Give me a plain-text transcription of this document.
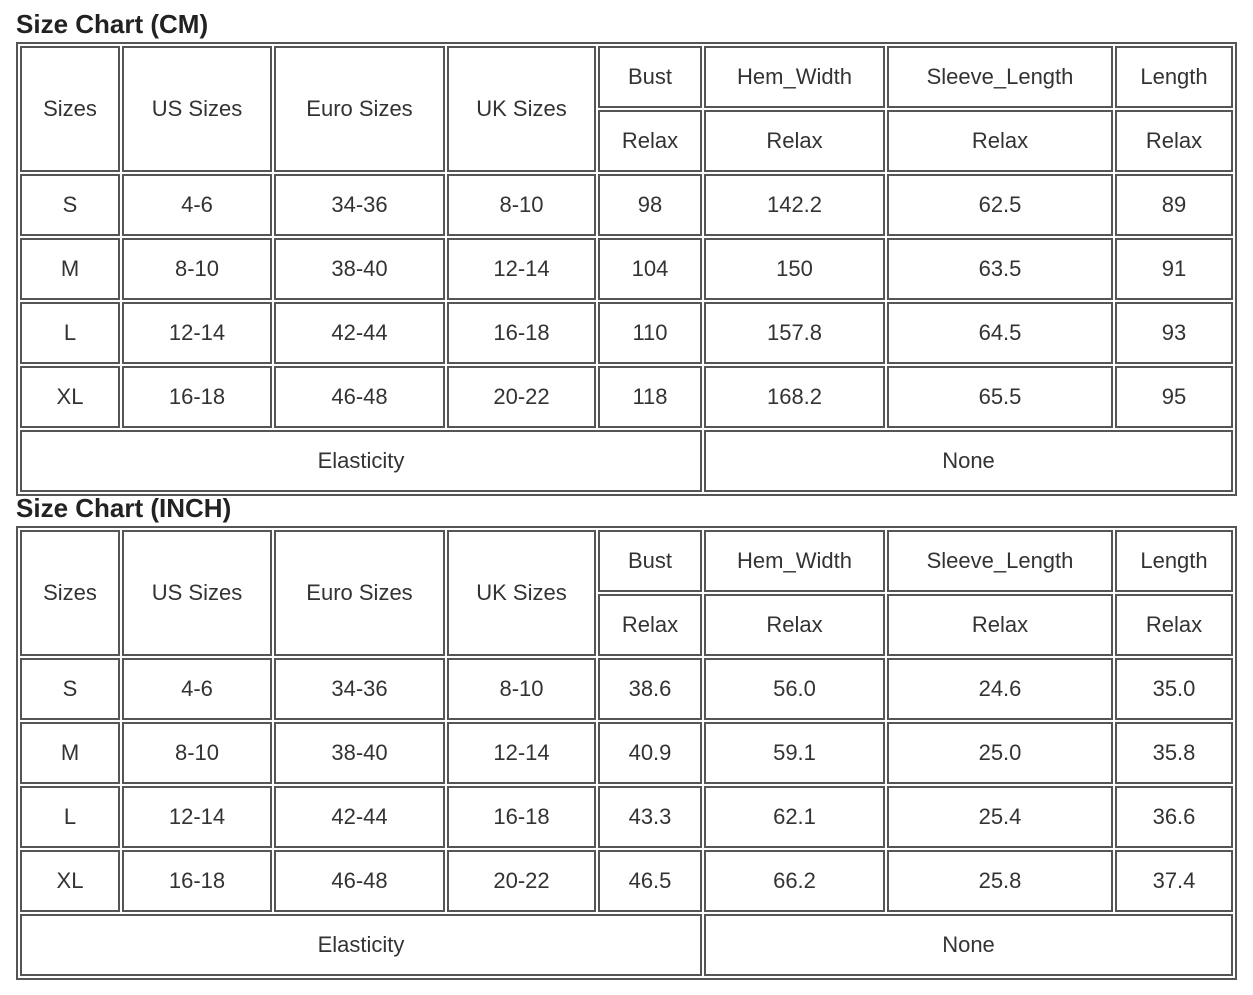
Size Chart (CM)
Sizes	US Sizes	Euro Sizes	UK Sizes	Bust	Hem_Width	Sleeve_Length	Length
				Relax	Relax	Relax	Relax
S	4-6	34-36	8-10	98	142.2	62.5	89
M	8-10	38-40	12-14	104	150	63.5	91
L	12-14	42-44	16-18	110	157.8	64.5	93
XL	16-18	46-48	20-22	118	168.2	65.5	95
Elasticity					None		
Size Chart (INCH)
Sizes	US Sizes	Euro Sizes	UK Sizes	Bust	Hem_Width	Sleeve_Length	Length
				Relax	Relax	Relax	Relax
S	4-6	34-36	8-10	38.6	56.0	24.6	35.0
M	8-10	38-40	12-14	40.9	59.1	25.0	35.8
L	12-14	42-44	16-18	43.3	62.1	25.4	36.6
XL	16-18	46-48	20-22	46.5	66.2	25.8	37.4
Elasticity					None		
